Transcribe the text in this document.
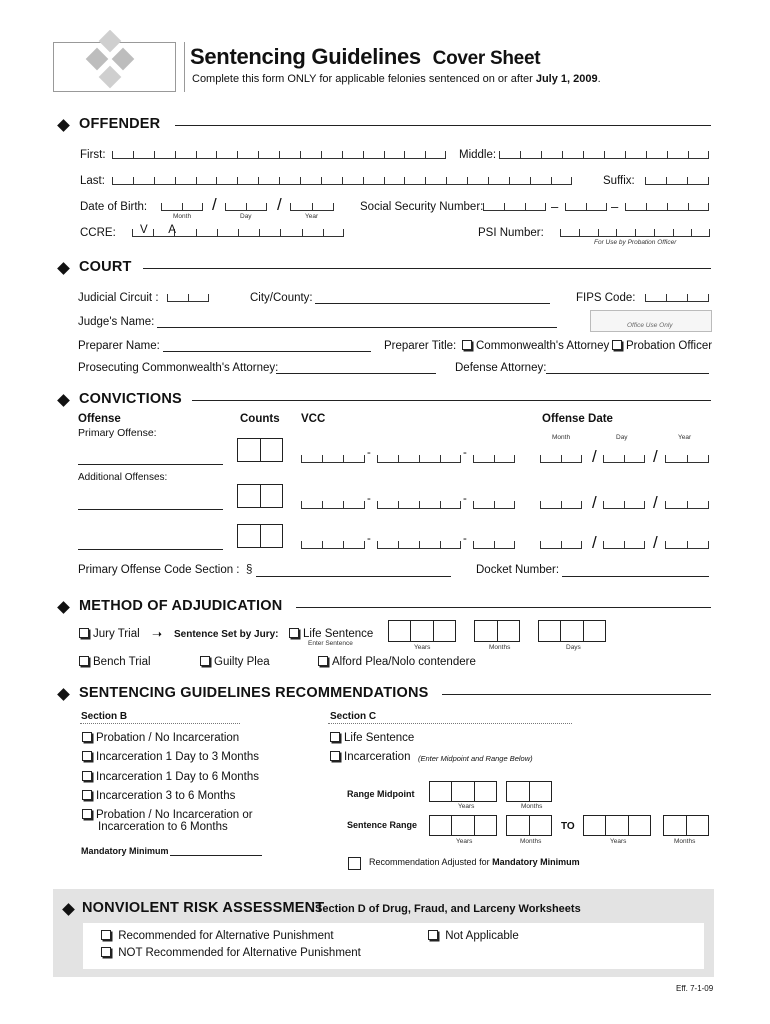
Sentencing Guidelines Cover Sheet
Complete this form ONLY for applicable felonies sentenced on or after July 1, 2009.
OFFENDER
First:	Middle:
Last:	Suffix:
Date of Birth:	/	/
Month	Day	Year
Social Security Number:	–	–
CCRE: V A	PSI Number:
For Use by Probation Officer
COURT
Judicial Circuit :	City/County:	FIPS Code:
Judge's Name:	Office Use Only
Preparer Name:	Preparer Title:	Commonwealth's Attorney	Probation Officer
Prosecuting Commonwealth's Attorney:	Defense Attorney:
CONVICTIONS
Offense	Counts VCC	Offense Date
Primary Offense:	Month	Day	Year
-	-	/	/
Additional Offenses:
-	-	/	/
-	-	/	/
Primary Offense Code Section : §	Docket Number:
METHOD OF ADJUDICATION
Jury Trial ➝ Sentence Set by Jury:	Life Sentence
Enter Sentence
Years	Months	Days
Bench Trial	Guilty Plea	Alford Plea/Nolo contendere
SENTENCING GUIDELINES RECOMMENDATIONS
Section B	Section C
Probation / No Incarceration
Incarceration 1 Day to 3 Months
Incarceration 1 Day to 6 Months
Incarceration 3 to 6 Months
Probation / No Incarceration or
Incarceration to 6 Months
Mandatory Minimum
Life Sentence
Incarceration (Enter Midpoint and Range Below)
Range Midpoint
Years	Months
Sentence Range	TO
Years	Months	Years	Months
Recommendation Adjusted for Mandatory Minimum
NONVIOLENT RISK ASSESSMENT
Section D of Drug, Fraud, and Larceny Worksheets
Recommended for Alternative Punishment
NOT Recommended for Alternative Punishment
Not Applicable
Eff. 7-1-09
